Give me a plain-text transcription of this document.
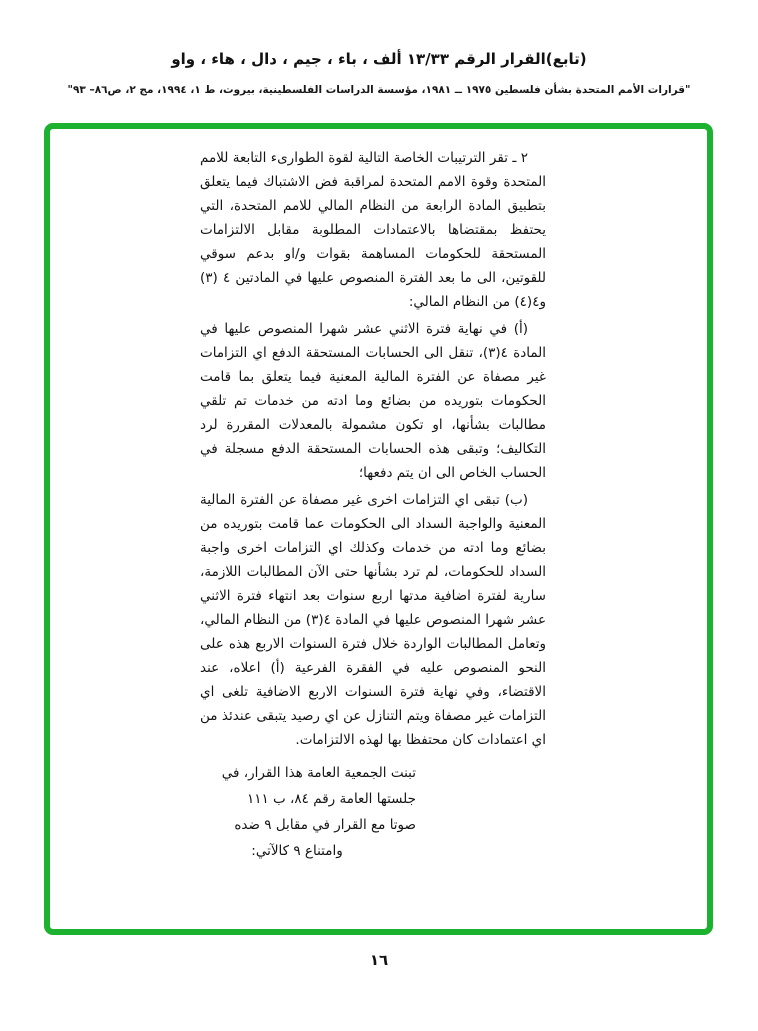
(تابع)القرار الرقم ١٣/٣٣ ألف ، باء ، جيم ، دال ، هاء ، واو
"قرارات الأمم المتحدة بشأن فلسطين ١٩٧٥ ــ ١٩٨١، مؤسسة الدراسات الفلسطينية، بيروت، ط ١، ١٩٩٤، مج ٢، ص٨٦– ٩٣"

٢ ـ تقر الترتيبات الخاصة التالية لقوة الطوارىء التابعة للامم المتحدة وقوة الامم المتحدة لمراقبة فض الاشتباك فيما يتعلق بتطبيق المادة الرابعة من النظام المالي للامم المتحدة، التي يحتفظ بمقتضاها بالاعتمادات المطلوبة مقابل الالتزامات المستحقة للحكومات المساهمة بقوات و/او بدعم سوقي للقوتين، الى ما بعد الفترة المنصوص عليها في المادتين ٤ (٣) و٤(٤) من النظام المالي:

(أ) في نهاية فترة الاثني عشر شهرا المنصوص عليها في المادة ٤(٣)، تنقل الى الحسابات المستحقة الدفع اي التزامات غير مصفاة عن الفترة المالية المعنية فيما يتعلق بما قامت الحكومات بتوريده من بضائع وما ادته من خدمات تم تلقي مطالبات بشأنها، او تكون مشمولة بالمعدلات المقررة لرد التكاليف؛ وتبقى هذه الحسابات المستحقة الدفع مسجلة في الحساب الخاص الى ان يتم دفعها؛

(ب) تبقى اي التزامات اخرى غير مصفاة عن الفترة المالية المعنية والواجبة السداد الى الحكومات عما قامت بتوريده من بضائع وما ادته من خدمات وكذلك اي التزامات اخرى واجبة السداد للحكومات، لم ترد بشأنها حتى الآن المطالبات اللازمة، سارية لفترة اضافية مدتها اربع سنوات بعد انتهاء فترة الاثني عشر شهرا المنصوص عليها في المادة ٤(٣) من النظام المالي، وتعامل المطالبات الواردة خلال فترة السنوات الاربع هذه على النحو المنصوص عليه في الفقرة الفرعية (أ) اعلاه، عند الاقتضاء، وفي نهاية فترة السنوات الاربع الاضافية تلغى اي التزامات غير مصفاة ويتم التنازل عن اي رصيد يتبقى عندئذ من اي اعتمادات كان محتفظا بها لهذه الالتزامات.

تبنت الجمعية العامة هذا القرار، في
جلستها العامة رقم ٨٤، ب ١١١
صوتا مع القرار في مقابل ٩ ضده
وامتناع ٩ كالآتي:
١٦
